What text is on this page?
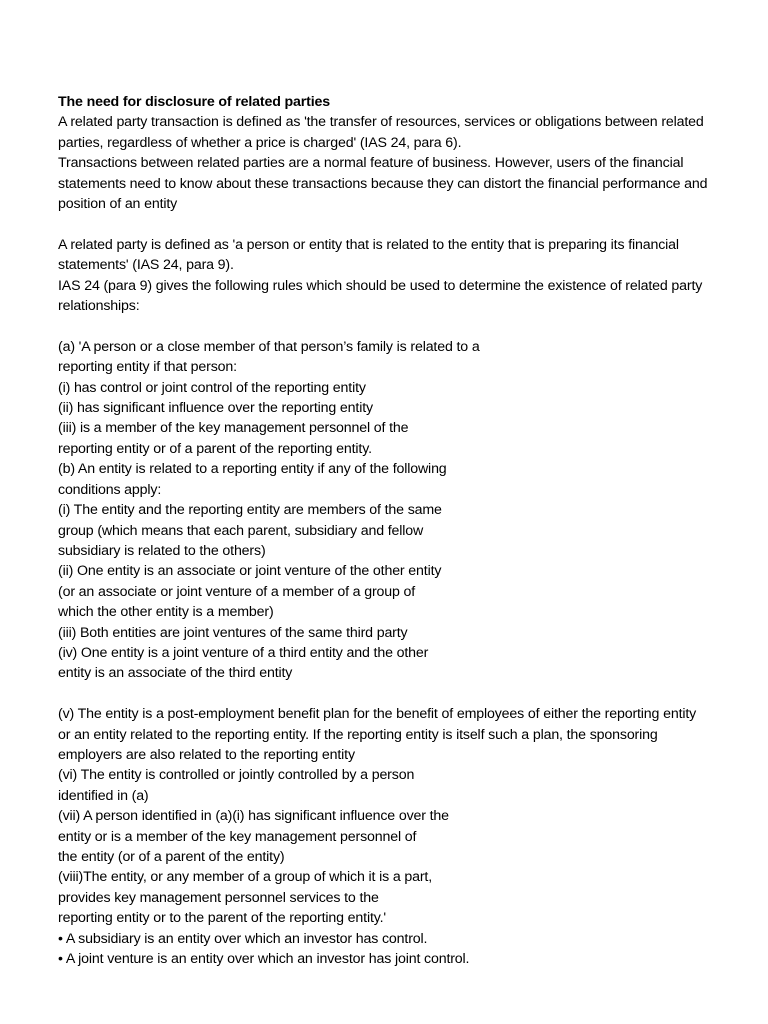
The need for disclosure of related parties
A related party transaction is defined as 'the transfer of resources, services or obligations between related
parties, regardless of whether a price is charged' (IAS 24, para 6).
Transactions between related parties are a normal feature of business. However, users of the financial
statements need to know about these transactions because they can distort the financial performance and
position of an entity
A related party is defined as 'a person or entity that is related to the entity that is preparing its financial
statements' (IAS 24, para 9).
IAS 24 (para 9) gives the following rules which should be used to determine the existence of related party
relationships:
(a) 'A person or a close member of that person’s family is related to a
reporting entity if that person:
(i) has control or joint control of the reporting entity
(ii) has significant influence over the reporting entity
(iii) is a member of the key management personnel of the
reporting entity or of a parent of the reporting entity.
(b) An entity is related to a reporting entity if any of the following
conditions apply:
(i) The entity and the reporting entity are members of the same
group (which means that each parent, subsidiary and fellow
subsidiary is related to the others)
(ii) One entity is an associate or joint venture of the other entity
(or an associate or joint venture of a member of a group of
which the other entity is a member)
(iii) Both entities are joint ventures of the same third party
(iv) One entity is a joint venture of a third entity and the other
entity is an associate of the third entity
(v) The entity is a post-employment benefit plan for the benefit of employees of either the reporting entity
or an entity related to the reporting entity. If the reporting entity is itself such a plan, the sponsoring
employers are also related to the reporting entity
(vi) The entity is controlled or jointly controlled by a person
identified in (a)
(vii) A person identified in (a)(i) has significant influence over the
entity or is a member of the key management personnel of
the entity (or of a parent of the entity)
(viii)The entity, or any member of a group of which it is a part,
provides key management personnel services to the
reporting entity or to the parent of the reporting entity.'
• A subsidiary is an entity over which an investor has control.
• A joint venture is an entity over which an investor has joint control.
